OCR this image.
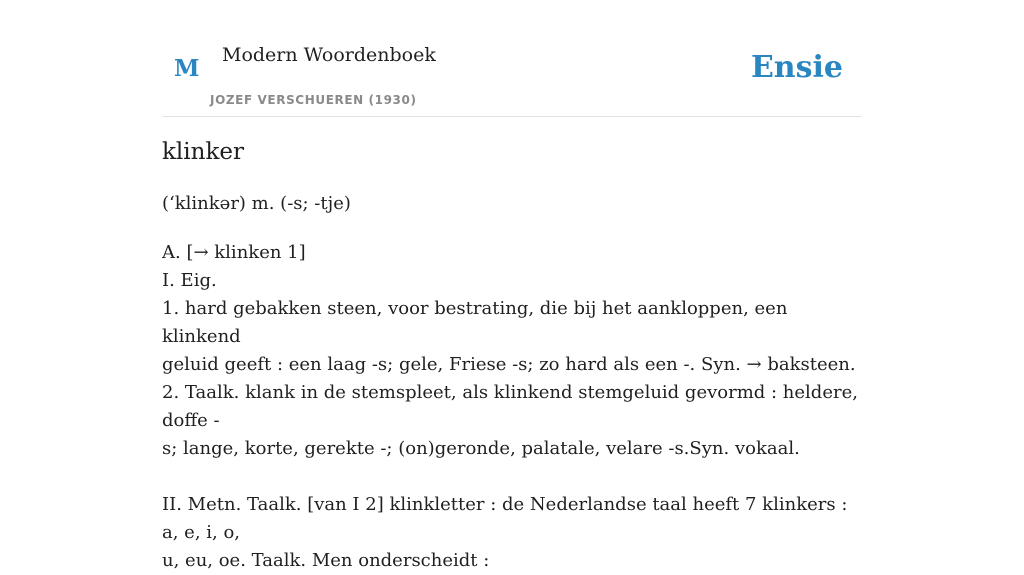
M Modern Woordenboek
JOZEF VERSCHUEREN (1930)
Ensie
klinker
(ʻklinkər) m. (-s; -tje)
A. [→ klinken 1]
I. Eig.
1. hard gebakken steen, voor bestrating, die bij het aankloppen, een klinkend
geluid geeft : een laag -s; gele, Friese -s; zo hard als een -. Syn. → baksteen.
2. Taalk. klank in de stemspleet, als klinkend stemgeluid gevormd : heldere, doffe -
s; lange, korte, gerekte -; (on)geronde, palatale, velare -s.Syn. vokaal.
II. Metn. Taalk. [van I 2] klinkletter : de Nederlandse taal heeft 7 klinkers : a, e, i, o,
u, eu, oe. Taalk. Men onderscheidt :
